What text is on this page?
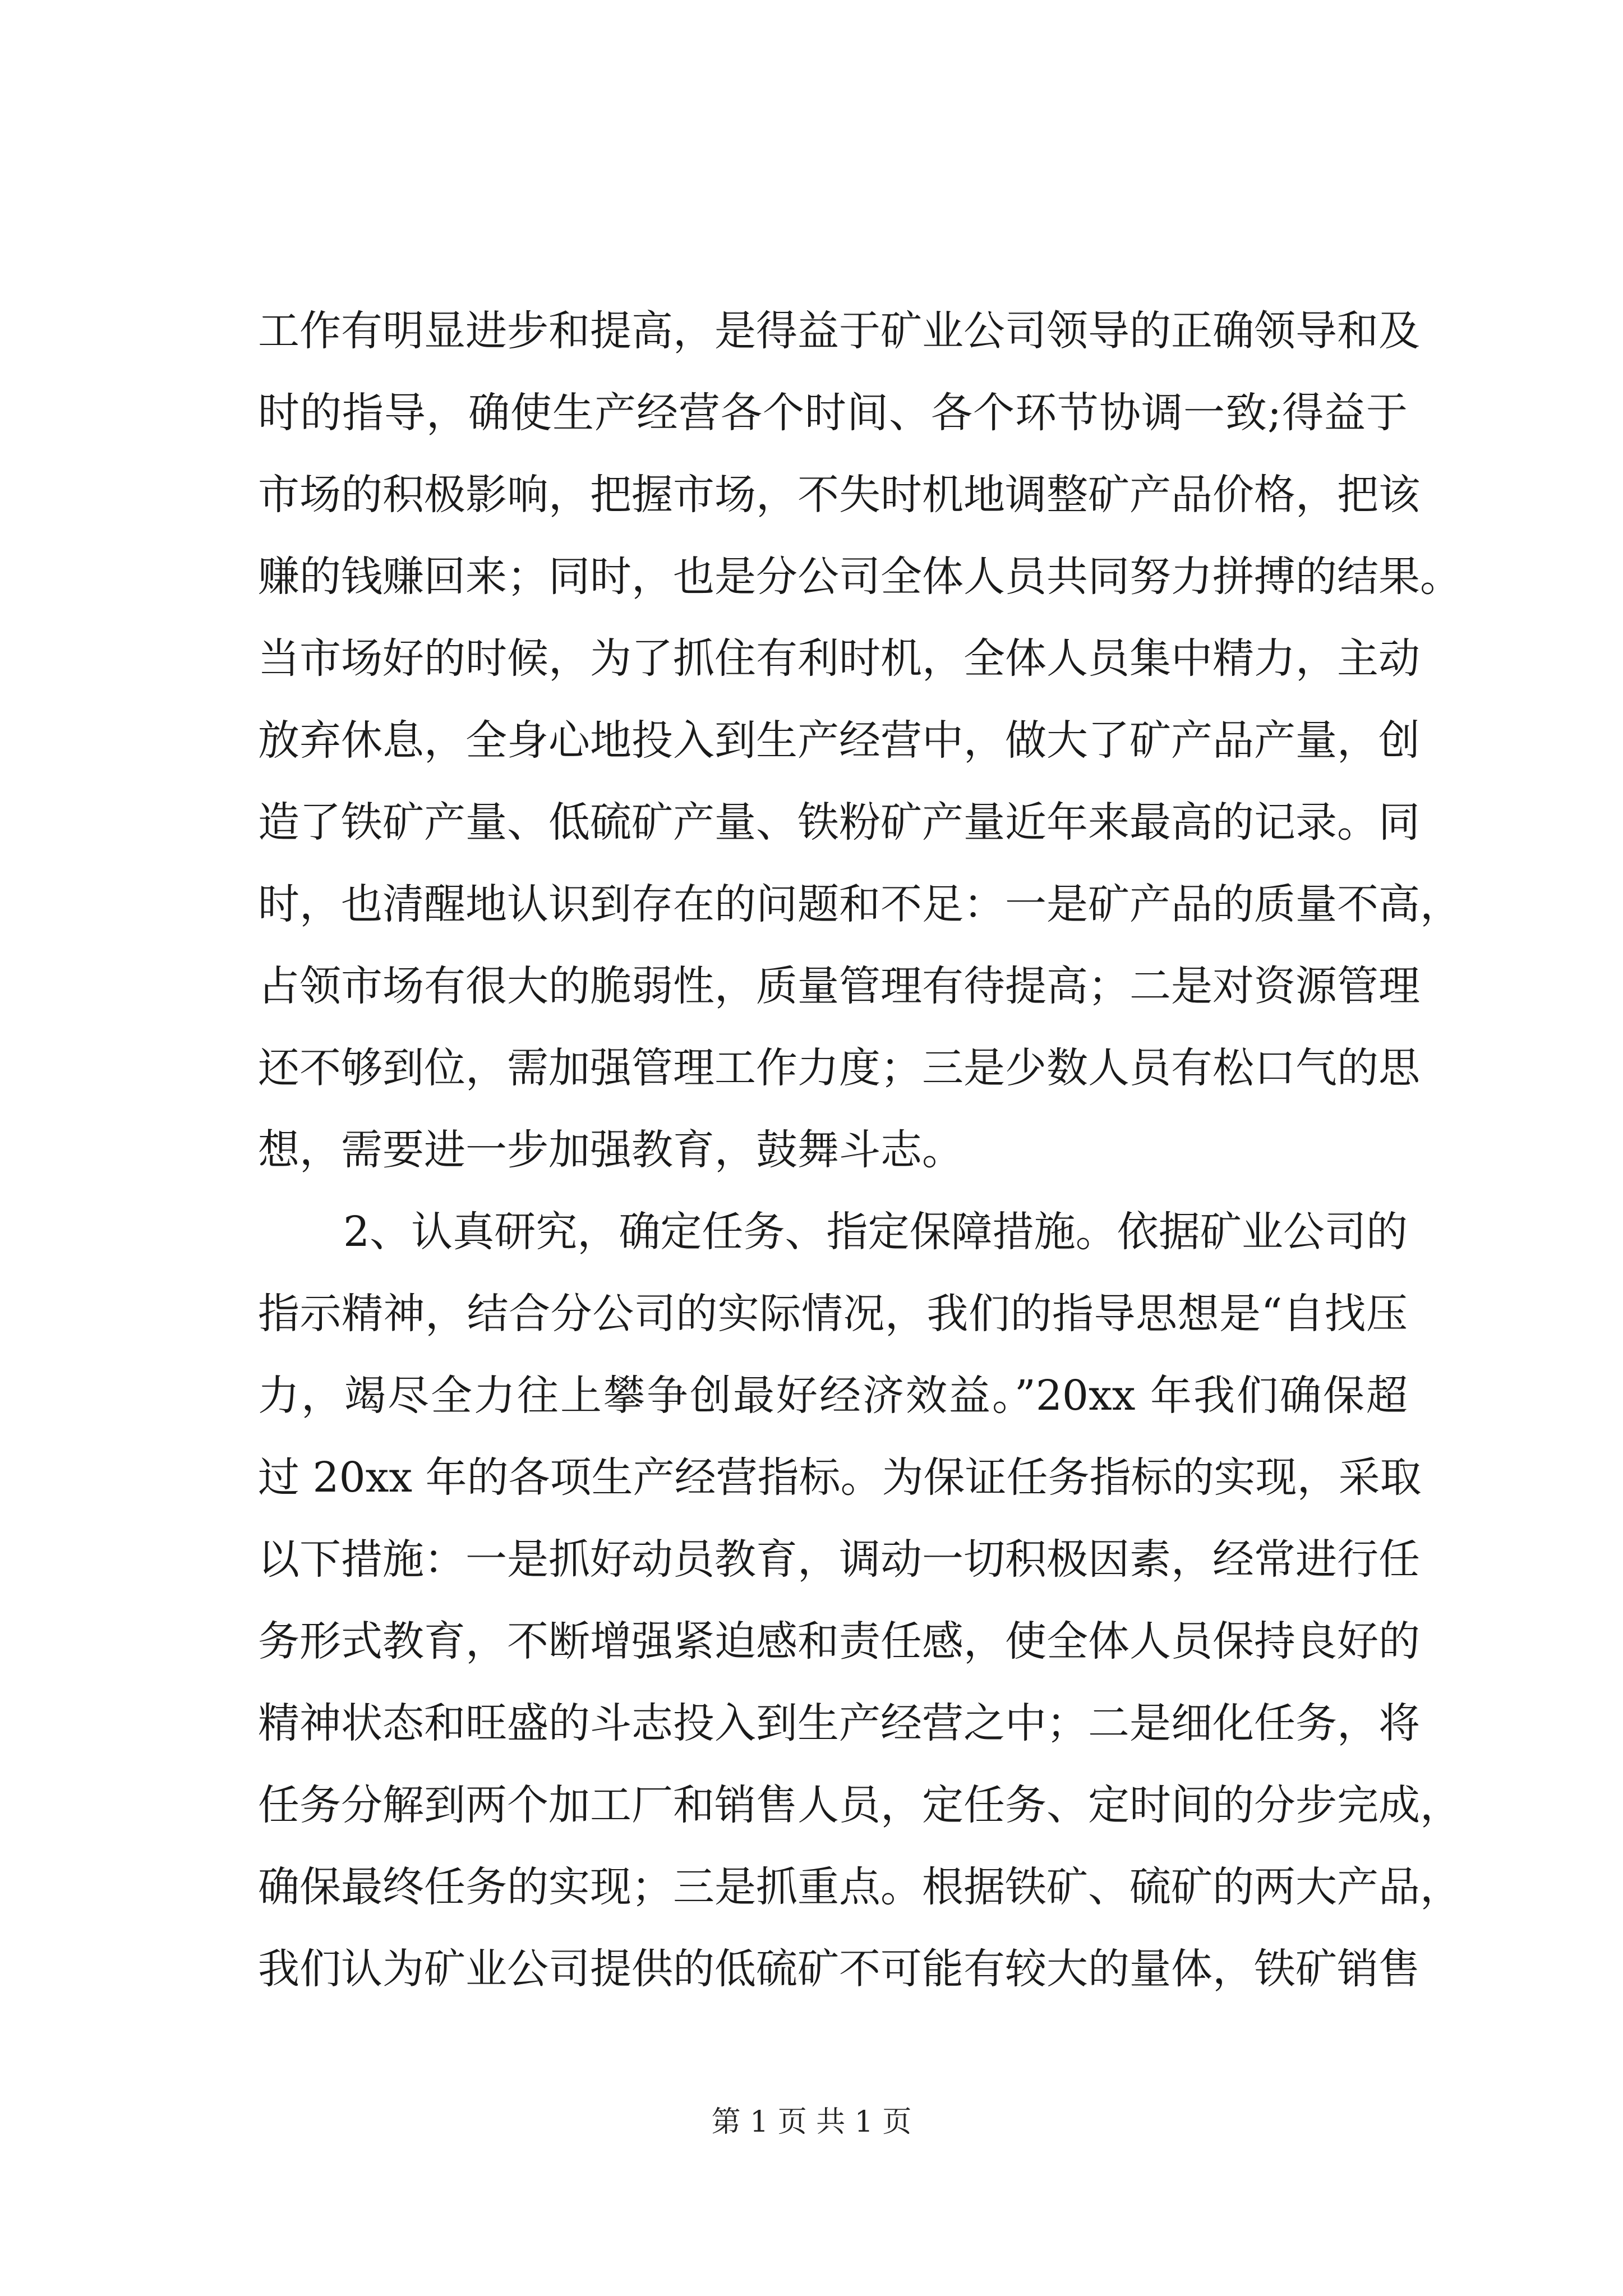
工作有明显进步和提高，是得益于矿业公司领导的正确领导和及
时的指导，确使生产经营各个时间、各个环节协调一致;得益于
市场的积极影响，把握市场，不失时机地调整矿产品价格，把该
赚的钱赚回来；同时，也是分公司全体人员共同努力拼搏的结果。
当市场好的时候，为了抓住有利时机，全体人员集中精力，主动
放弃休息，全身心地投入到生产经营中，做大了矿产品产量，创
造了铁矿产量、低硫矿产量、铁粉矿产量近年来最高的记录。同
时，也清醒地认识到存在的问题和不足：一是矿产品的质量不高，
占领市场有很大的脆弱性，质量管理有待提高；二是对资源管理
还不够到位，需加强管理工作力度；三是少数人员有松口气的思
想，需要进一步加强教育，鼓舞斗志。
2、认真研究，确定任务、指定保障措施。依据矿业公司的
指示精神，结合分公司的实际情况，我们的指导思想是“自找压
力，竭尽全力往上攀争创最好经济效益。”20xx 年我们确保超
过 20xx 年的各项生产经营指标。为保证任务指标的实现，采取
以下措施：一是抓好动员教育，调动一切积极因素，经常进行任
务形式教育，不断增强紧迫感和责任感，使全体人员保持良好的
精神状态和旺盛的斗志投入到生产经营之中；二是细化任务，将
任务分解到两个加工厂和销售人员，定任务、定时间的分步完成，
确保最终任务的实现；三是抓重点。根据铁矿、硫矿的两大产品，
我们认为矿业公司提供的低硫矿不可能有较大的量体，铁矿销售
第 1 页 共 1 页
